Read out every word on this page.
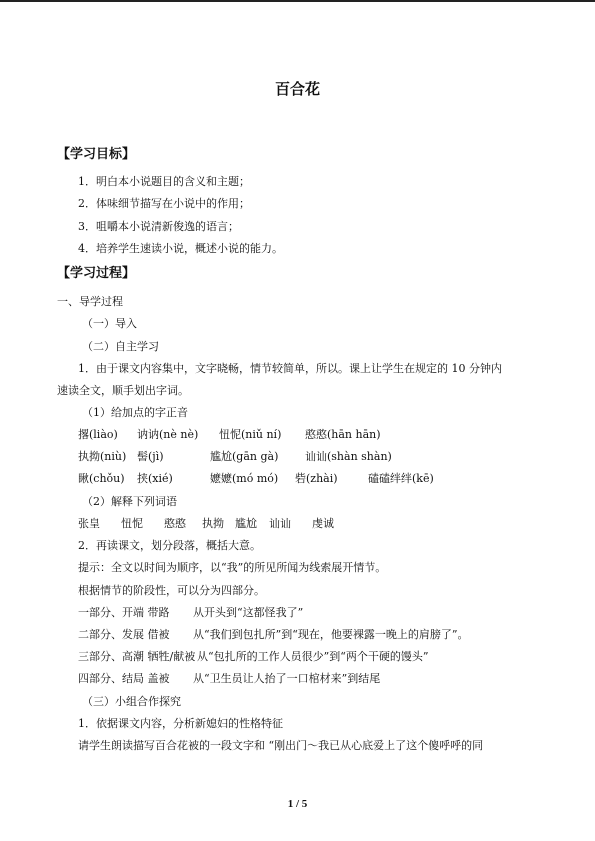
百合花
【学习目标】
1．明白本小说题目的含义和主题；
2．体味细节描写在小说中的作用；
3．咀嚼本小说清新俊逸的语言；
4．培养学生速读小说，概述小说的能力。
【学习过程】
一、导学过程
（一）导入
（二）自主学习
1．由于课文内容集中，文字晓畅，情节较简单，所以。课上让学生在规定的 10 分钟内
速读全文，顺手划出字词。
（1）给加点的字正音
撂(liào) 讷讷(nè nè) 忸怩(niǔ ní) 憨憨(hān hān)
执拗(niù) 髻(jì)	尴尬(gān gà) 讪讪(shàn shàn)
瞅(chǒu) 挟(xié)	嬷嬷(mó mó) 砦(zhài)	磕磕绊绊(kē)
（2）解释下列词语
张皇 忸怩 憨憨 执拗 尴尬 讪讪 虔诚
2．再读课文，划分段落，概括大意。
提示：全文以时间为顺序，以“我”的所见所闻为线索展开情节。
根据情节的阶段性，可以分为四部分。
一部分、开端 带路 从开头到“这都怪我了”
二部分、发展 借被 从“我们到包扎所”到“现在，他要裸露一晚上的肩膀了”。
三部分、高潮 牺牲/献被 从“包扎所的工作人员很少”到“两个干硬的馒头”
四部分、结局 盖被 从“卫生员让人抬了一口棺材来”到结尾
（三）小组合作探究
1．依据课文内容，分析新媳妇的性格特征
请学生朗读描写百合花被的一段文字和 “刚出门～我已从心底爱上了这个傻呼呼的同
1 / 5
